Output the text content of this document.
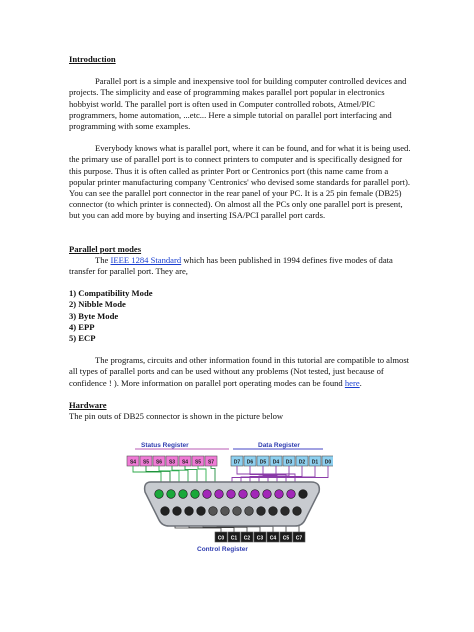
Introduction

Parallel port is a simple and inexpensive tool for building computer controlled devices and projects. The simplicity and ease of programming makes parallel port popular in electronics hobbyist world. The parallel port is often used in Computer controlled robots, Atmel/PIC programmers, home automation, ...etc... Here a simple tutorial on parallel port interfacing and programming with some examples.

Everybody knows what is parallel port, where it can be found, and for what it is being used. the primary use of parallel port is to connect printers to computer and is specifically designed for this purpose. Thus it is often called as printer Port or Centronics port (this name came from a popular printer manufacturing company 'Centronics' who devised some standards for parallel port). You can see the parallel port connector in the rear panel of your PC. It is a 25 pin female (DB25) connector (to which printer is connected). On almost all the PCs only one parallel port is present, but you can add more by buying and inserting ISA/PCI parallel port cards.

Parallel port modes

The IEEE 1284 Standard which has been published in 1994 defines five modes of data transfer for parallel port. They are,

1) Compatibility Mode
2) Nibble Mode
3) Byte Mode
4) EPP
5) ECP

The programs, circuits and other information found in this tutorial are compatible to almost all types of parallel ports and can be used without any problems (Not tested, just because of confidence ! ). More information on parallel port operating modes can be found here.

Hardware

The pin outs of DB25 connector is shown in the picture below

Status Register	Data Register
S4 S5 S6 S3 S4 S5 S7	D7 D6 D5 D4 D3 D2 D1 D0
C0 C1 C2 C3 C4 C5 C7
Control Register
